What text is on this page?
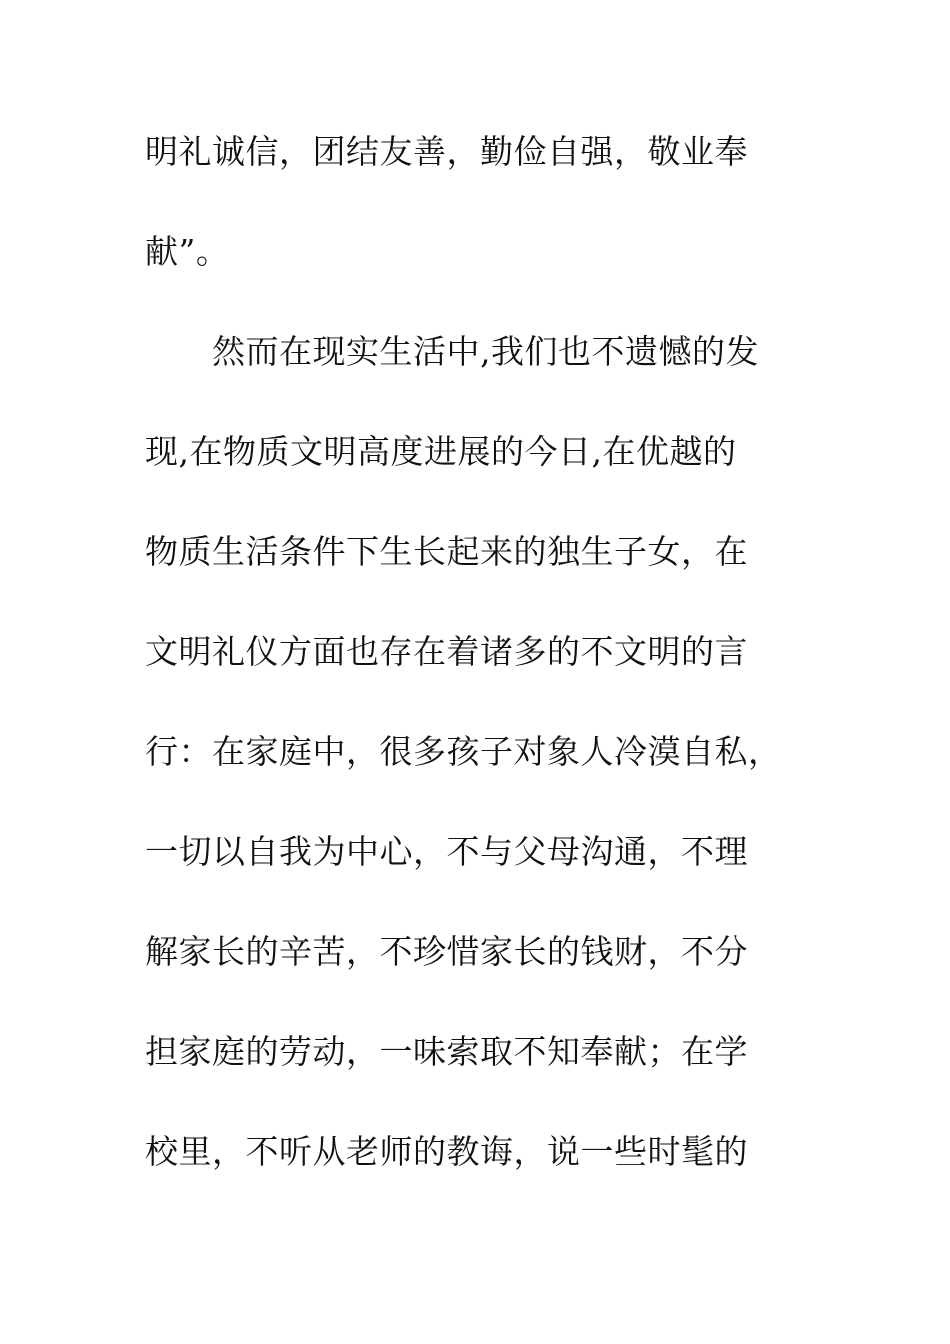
明礼诚信，团结友善，勤俭自强，敬业奉
献”。
然而在现实生活中,我们也不遗憾的发
现,在物质文明高度进展的今日,在优越的
物质生活条件下生长起来的独生子女，在
文明礼仪方面也存在着诸多的不文明的言
行：在家庭中，很多孩子对象人冷漠自私，
一切以自我为中心，不与父母沟通，不理
解家长的辛苦，不珍惜家长的钱财，不分
担家庭的劳动，一味索取不知奉献；在学
校里，不听从老师的教诲，说一些时髦的
